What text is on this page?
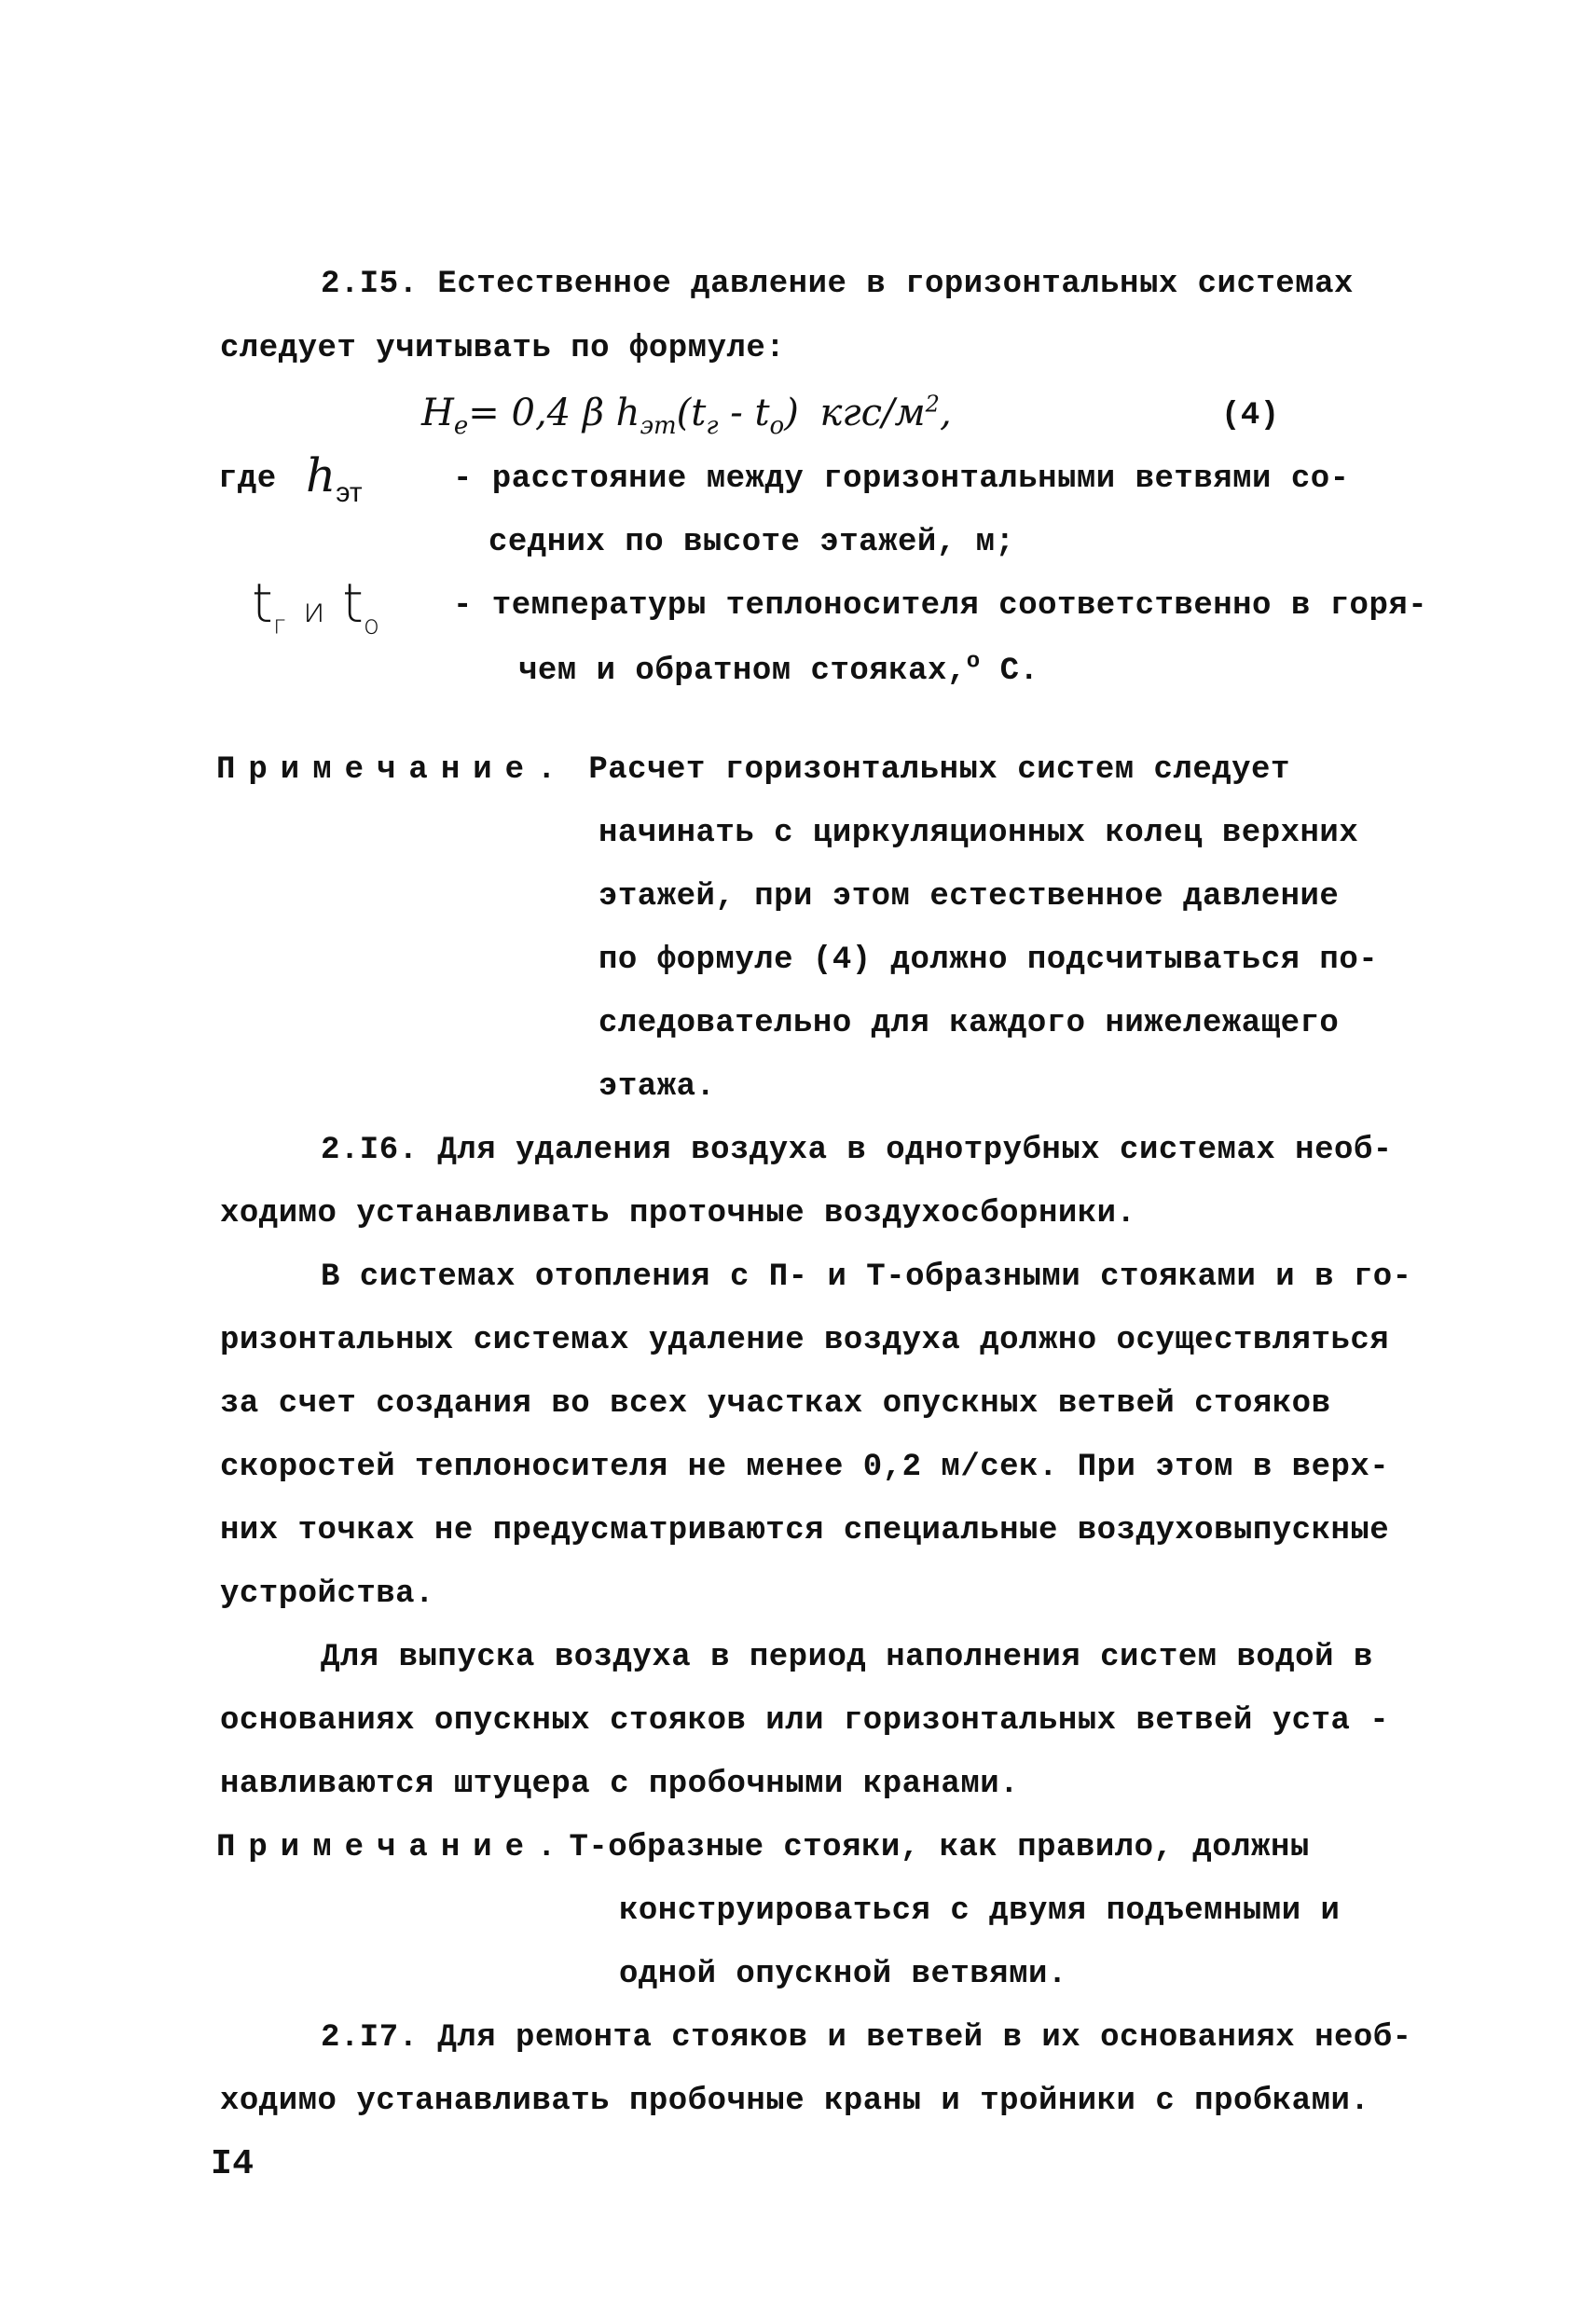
2.I5. Естественное давление в горизонтальных системах
следует учитывать по формуле:
$H_e= 0,4$ β $h_{эт}(t_г - t_о)$ кгс/$м^2$,	(4)
где $h_{эт}$	- расстояние между горизонтальными ветвями со-
седних по высоте этажей, м;
$t_г$ и $t_о$
- температуры теплоносителя соответственно в горя-
чем и обратном стояках,$^о$ С.
Примечание. Расчет горизонтальных систем следует
начинать с циркуляционных колец верхних
этажей, при этом естественное давление
по формуле (4) должно подсчитываться по-
следовательно для каждого нижележащего
этажа.
2.I6. Для удаления воздуха в однотрубных системах необ-
ходимо устанавливать проточные воздухосборники.
В системах отопления с П- и Т-образными стояками и в го-
ризонтальных системах удаление воздуха должно осуществляться
за счет создания во всех участках опускных ветвей стояков
скоростей теплоносителя не менее 0,2 м/сек. При этом в верх-
них точках не предусматриваются специальные воздуховыпускные
устройства.
Для выпуска воздуха в период наполнения систем водой в
основаниях опускных стояков или горизонтальных ветвей уста -
навливаются штуцера с пробочными кранами.
Примечание.Т-образные стояки, как правило, должны
конструироваться с двумя подъемными и
одной опускной ветвями.
2.I7. Для ремонта стояков и ветвей в их основаниях необ-
ходимо устанавливать пробочные краны и тройники с пробками.
I4
